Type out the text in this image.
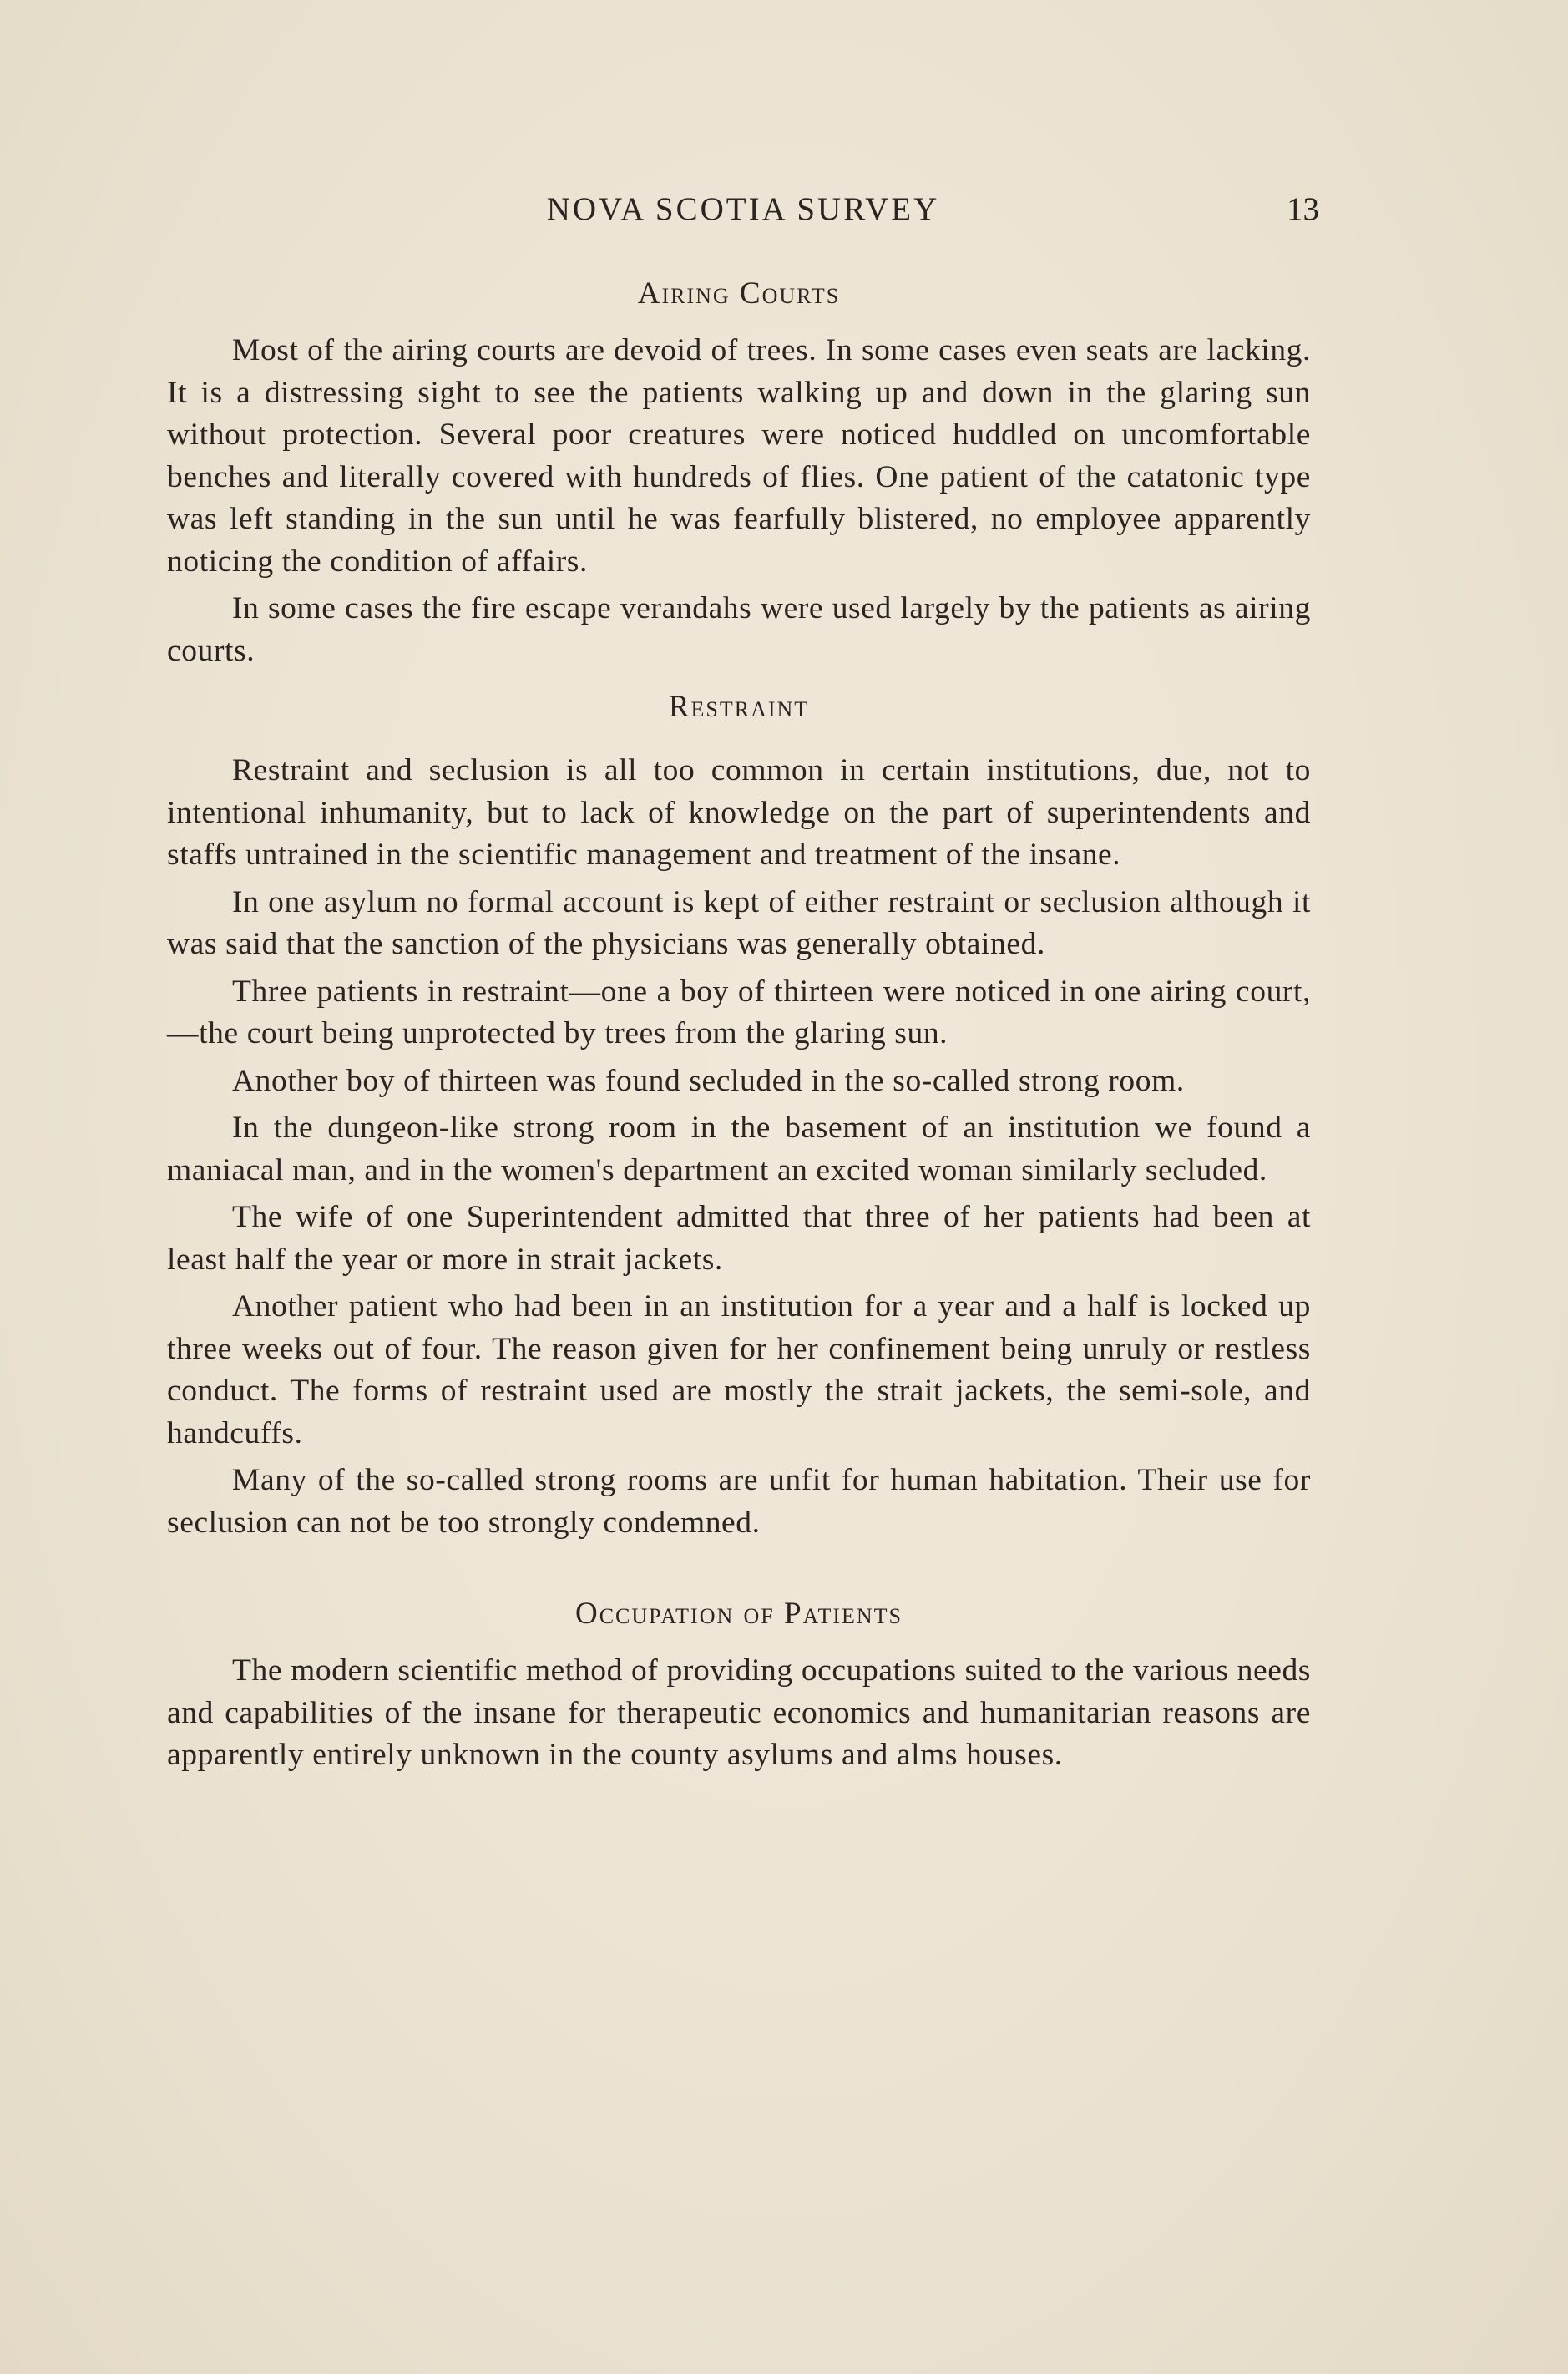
NOVA SCOTIA SURVEY	13
Airing Courts

Most of the airing courts are devoid of trees. In some cases even seats are lacking. It is a distressing sight to see the patients walking up and down in the glaring sun without protection. Several poor creatures were noticed huddled on uncomfortable benches and literally covered with hundreds of flies. One patient of the catatonic type was left standing in the sun until he was fearfully blistered, no employee apparently noticing the condition of affairs.

In some cases the fire escape verandahs were used largely by the patients as airing courts.

Restraint

Restraint and seclusion is all too common in certain institutions, due, not to intentional inhumanity, but to lack of knowledge on the part of superintendents and staffs untrained in the scientific management and treatment of the insane.

In one asylum no formal account is kept of either restraint or seclusion although it was said that the sanction of the physicians was generally obtained.

Three patients in restraint—one a boy of thirteen were noticed in one airing court,—the court being unprotected by trees from the glaring sun.

Another boy of thirteen was found secluded in the so-called strong room.

In the dungeon-like strong room in the basement of an institution we found a maniacal man, and in the women's department an excited woman similarly secluded.

The wife of one Superintendent admitted that three of her patients had been at least half the year or more in strait jackets.

Another patient who had been in an institution for a year and a half is locked up three weeks out of four. The reason given for her confinement being unruly or restless conduct. The forms of restraint used are mostly the strait jackets, the semi-sole, and handcuffs.

Many of the so-called strong rooms are unfit for human habitation. Their use for seclusion can not be too strongly condemned.

Occupation of Patients

The modern scientific method of providing occupations suited to the various needs and capabilities of the insane for therapeutic economics and humanitarian reasons are apparently entirely unknown in the county asylums and alms houses.
